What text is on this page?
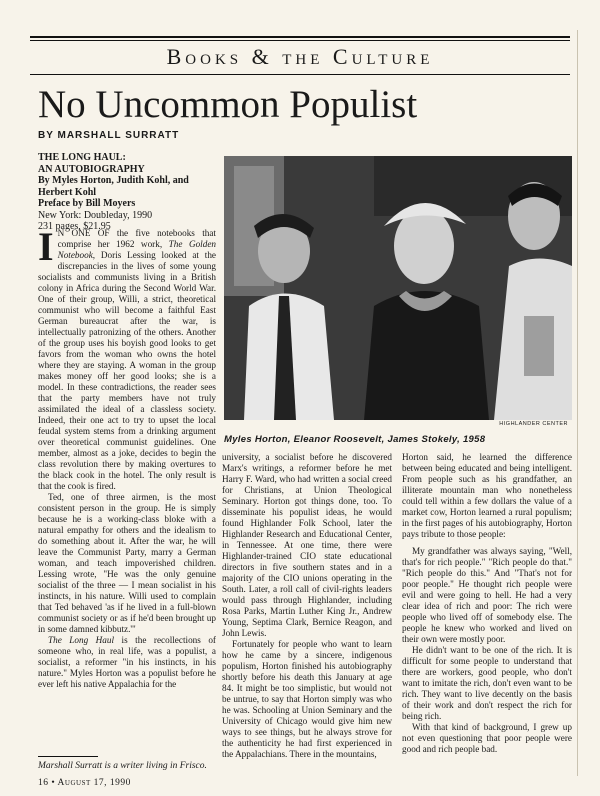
Books & the Culture
No Uncommon Populist
BY MARSHALL SURRATT
THE LONG HAUL:
AN AUTOBIOGRAPHY
By Myles Horton, Judith Kohl, and
Herbert Kohl
Preface by Bill Moyers
New York: Doubleday, 1990
231 pages, $21.95
HIGHLANDER CENTER
Myles Horton, Eleanor Roosevelt, James Stokely, 1958

I N ONE OF the five notebooks that comprise her 1962 work, The Golden Notebook, Doris Lessing looked at the discrepancies in the lives of some young socialists and communists living in a British colony in Africa during the Second World War. One of their group, Willi, a strict, theoretical communist who will become a faithful East German bureaucrat after the war, is intellectually patronizing of the others. Another of the group uses his boyish good looks to get favors from the woman who owns the hotel where they are staying. A woman in the group makes money off her good looks; she is a model. In these contradictions, the reader sees that the party members have not truly assimilated the ideal of a classless society. Indeed, their one act to try to upset the local feudal system stems from a drinking argument over theoretical communist guidelines. One member, almost as a joke, decides to begin the class revolution there by making overtures to the black cook in the hotel. The only result is that the cook is fired.

Ted, one of three airmen, is the most consistent person in the group. He is simply because he is a working-class bloke with a natural empathy for others and the idealism to do something about it. After the war, he will leave the Communist Party, marry a German woman, and teach impoverished children. Lessing wrote, "He was the only genuine socialist of the three — I mean socialist in his instincts, in his nature. Willi used to complain that Ted behaved 'as if he lived in a full-blown communist society or as if he'd been brought up in some damned kibbutz.'"

The Long Haul is the recollections of someone who, in real life, was a populist, a socialist, a reformer "in his instincts, in his nature." Myles Horton was a populist before he ever left his native Appalachia for the

university, a socialist before he discovered Marx's writings, a reformer before he met Harry F. Ward, who had written a social creed for Christians, at Union Theological Seminary. Horton got things done, too. To disseminate his populist ideas, he would found Highlander Folk School, later the Highlander Research and Educational Center, in Tennessee. At one time, there were Highlander-trained CIO state educational directors in five southern states and in a majority of the CIO unions operating in the South. Later, a roll call of civil-rights leaders would pass through Highlander, including Rosa Parks, Martin Luther King Jr., Andrew Young, Septima Clark, Bernice Reagon, and John Lewis.

Fortunately for people who want to learn how he came by a sincere, indigenous populism, Horton finished his autobiography shortly before his death this January at age 84. It might be too simplistic, but would not be untrue, to say that Horton simply was who he was. Schooling at Union Seminary and the University of Chicago would give him new ways to see things, but he always strove for the authenticity he had first experienced in the Appalachians. There in the mountains,

Horton said, he learned the difference between being educated and being intelligent. From people such as his grandfather, an illiterate mountain man who nonetheless could tell within a few dollars the value of a market cow, Horton learned a rural populism; in the first pages of his autobiography, Horton pays tribute to those people:

My grandfather was always saying, "Well, that's for rich people." "Rich people do that." "Rich people do this." And "That's not for poor people." He thought rich people were evil and were going to hell. He had a very clear idea of rich and poor: The rich were people who lived off of somebody else. The people he knew who worked and lived on their own were mostly poor.

He didn't want to be one of the rich. It is difficult for some people to understand that there are workers, good people, who don't want to imitate the rich, don't even want to be rich. They want to live decently on the basis of their work and don't respect the rich for being rich.

With that kind of background, I grew up not even questioning that poor people were good and rich people bad.

Marshall Surratt is a writer living in Frisco.
16 • August 17, 1990
